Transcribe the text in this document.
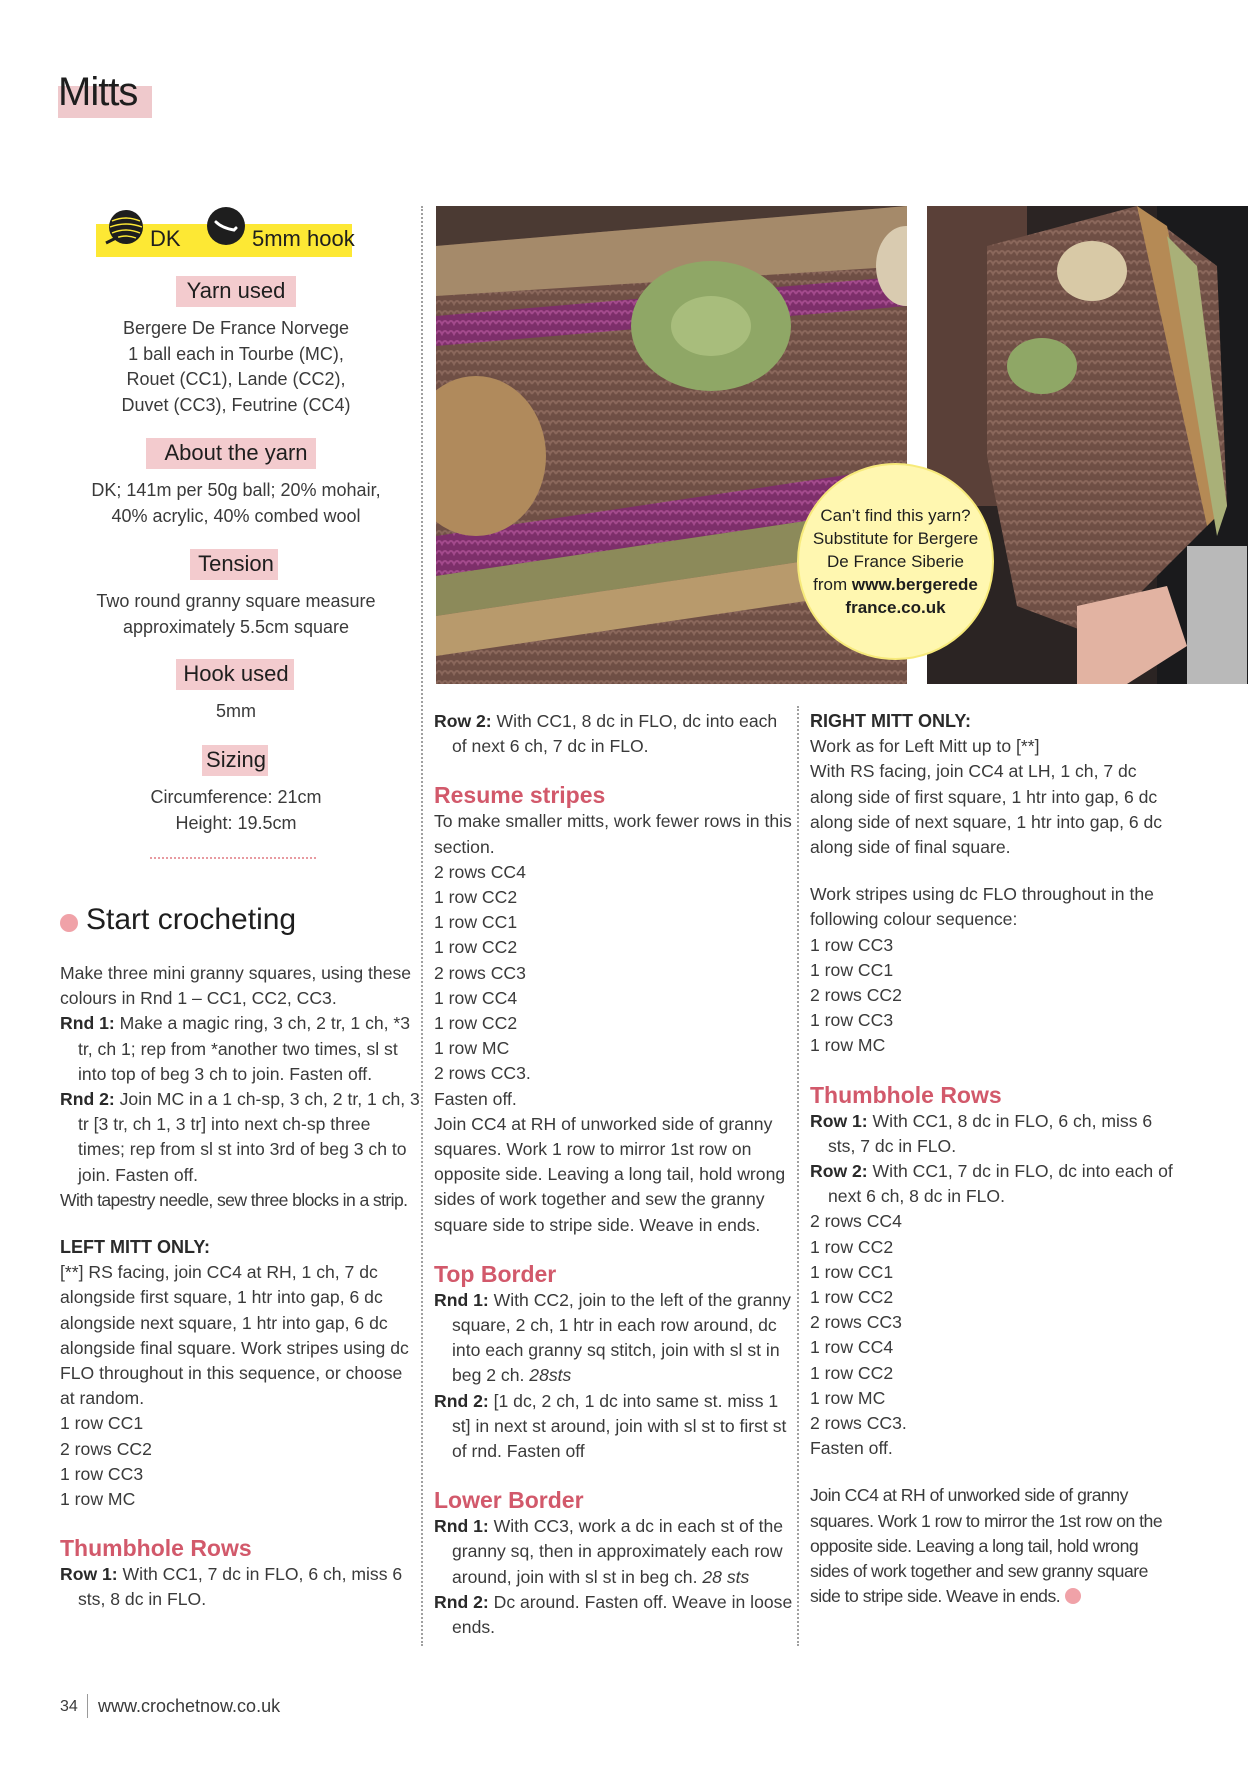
Mitts
DK	5mm hook
Yarn used
Bergere De France Norvege
1 ball each in Tourbe (MC),
Rouet (CC1), Lande (CC2),
Duvet (CC3), Feutrine (CC4)
About the yarn
DK; 141m per 50g ball; 20% mohair,
40% acrylic, 40% combed wool
Tension
Two round granny square measure
approximately 5.5cm square
Hook used
5mm
Sizing
Circumference: 21cm
Height: 19.5cm
Start crocheting
Can’t find this yarn?
Substitute for Bergere
De France Siberie
from www.bergerede
france.co.uk

Make three mini granny squares, using these colours in Rnd 1 – CC1, CC2, CC3.

Rnd 1: Make a magic ring, 3 ch, 2 tr, 1 ch, *3 tr, ch 1; rep from *another two times, sl st into top of beg 3 ch to join. Fasten off.

Rnd 2: Join MC in a 1 ch-sp, 3 ch, 2 tr, 1 ch, 3 tr [3 tr, ch 1, 3 tr] into next ch-sp three times; rep from sl st into 3rd of beg 3 ch to join. Fasten off.

With tapestry needle, sew three blocks in a strip.

LEFT MITT ONLY:

[**] RS facing, join CC4 at RH, 1 ch, 7 dc alongside first square, 1 htr into gap, 6 dc alongside next square, 1 htr into gap, 6 dc alongside final square. Work stripes using dc FLO throughout in this sequence, or choose at random.

1 row CC1

2 rows CC2

1 row CC3

1 row MC

Thumbhole Rows

Row 1: With CC1, 7 dc in FLO, 6 ch, miss 6 sts, 8 dc in FLO.

Row 2: With CC1, 8 dc in FLO, dc into each of next 6 ch, 7 dc in FLO.

Resume stripes

To make smaller mitts, work fewer rows in this section.

2 rows CC4

1 row CC2

1 row CC1

1 row CC2

2 rows CC3

1 row CC4

1 row CC2

1 row MC

2 rows CC3.

Fasten off.

Join CC4 at RH of unworked side of granny squares. Work 1 row to mirror 1st row on opposite side. Leaving a long tail, hold wrong sides of work together and sew the granny square side to stripe side. Weave in ends.

Top Border

Rnd 1: With CC2, join to the left of the granny square, 2 ch, 1 htr in each row around, dc into each granny sq stitch, join with sl st in beg 2 ch. 28sts

Rnd 2: [1 dc, 2 ch, 1 dc into same st. miss 1 st] in next st around, join with sl st to first st of rnd. Fasten off

Lower Border

Rnd 1: With CC3, work a dc in each st of the granny sq, then in approximately each row around, join with sl st in beg ch. 28 sts

Rnd 2: Dc around. Fasten off. Weave in loose ends.

RIGHT MITT ONLY:

Work as for Left Mitt up to [**]

With RS facing, join CC4 at LH, 1 ch, 7 dc along side of first square, 1 htr into gap, 6 dc along side of next square, 1 htr into gap, 6 dc along side of final square.

Work stripes using dc FLO throughout in the following colour sequence:

1 row CC3

1 row CC1

2 rows CC2

1 row CC3

1 row MC

Thumbhole Rows

Row 1: With CC1, 8 dc in FLO, 6 ch, miss 6 sts, 7 dc in FLO.

Row 2: With CC1, 7 dc in FLO, dc into each of next 6 ch, 8 dc in FLO.

2 rows CC4

1 row CC2

1 row CC1

1 row CC2

2 rows CC3

1 row CC4

1 row CC2

1 row MC

2 rows CC3.

Fasten off.

Join CC4 at RH of unworked side of granny squares. Work 1 row to mirror the 1st row on the opposite side. Leaving a long tail, hold wrong sides of work together and sew granny square side to stripe side. Weave in ends.

34 www.crochetnow.co.uk
